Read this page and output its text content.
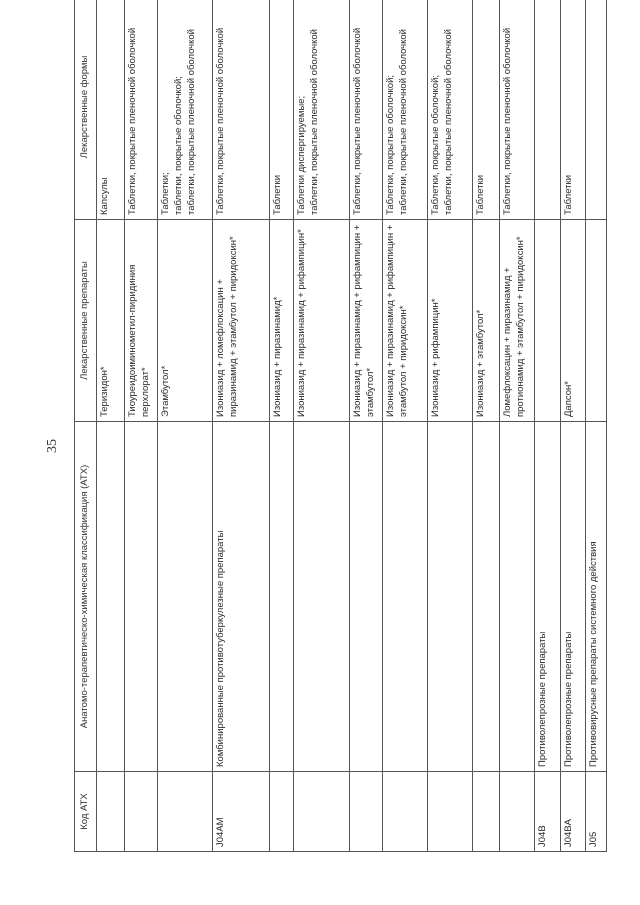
35
Код АТХ	Анатомо-терапевтическо-химическая классификация (АТХ)	Лекарственные препараты	Лекарственные формы
		Теризидон*	Капсулы

		Тиоуреидоиминометил-пиридиния перхлорат*	Таблетки, покрытые пленочной оболочкой

		Этамбутол*	Таблетки; таблетки, покрытые оболочкой; таблетки, покрытые пленочной оболочкой

J04AM	Комбинированные противотуберкулезные препараты	Изониазид + ломефлоксацин + пиразинамид + этамбутол + пиридоксин*	Таблетки, покрытые пленочной оболочкой

		Изониазид + пиразинамид*	Таблетки

		Изониазид + пиразинамид + рифампицин*	Таблетки диспергируемые; таблетки, покрытые пленочной оболочкой

		Изониазид + пиразинамид + рифампицин + этамбутол*	Таблетки, покрытые пленочной оболочкой

		Изониазид + пиразинамид + рифампицин + этамбутол + пиридоксин*	Таблетки, покрытые оболочкой; таблетки, покрытые пленочной оболочкой

		Изониазид + рифампицин*	Таблетки, покрытые оболочкой; таблетки, покрытые пленочной оболочкой

		Изониазид + этамбутол*	Таблетки

		Ломефлоксацин + пиразинамид + протионамид + этамбутол + пиридоксин*	Таблетки, покрытые пленочной оболочкой

J04B	Противолепрозные препараты		
J04BA	Противолепрозные препараты	Дапсон*	Таблетки

J05	Противовирусные препараты системного действия		
